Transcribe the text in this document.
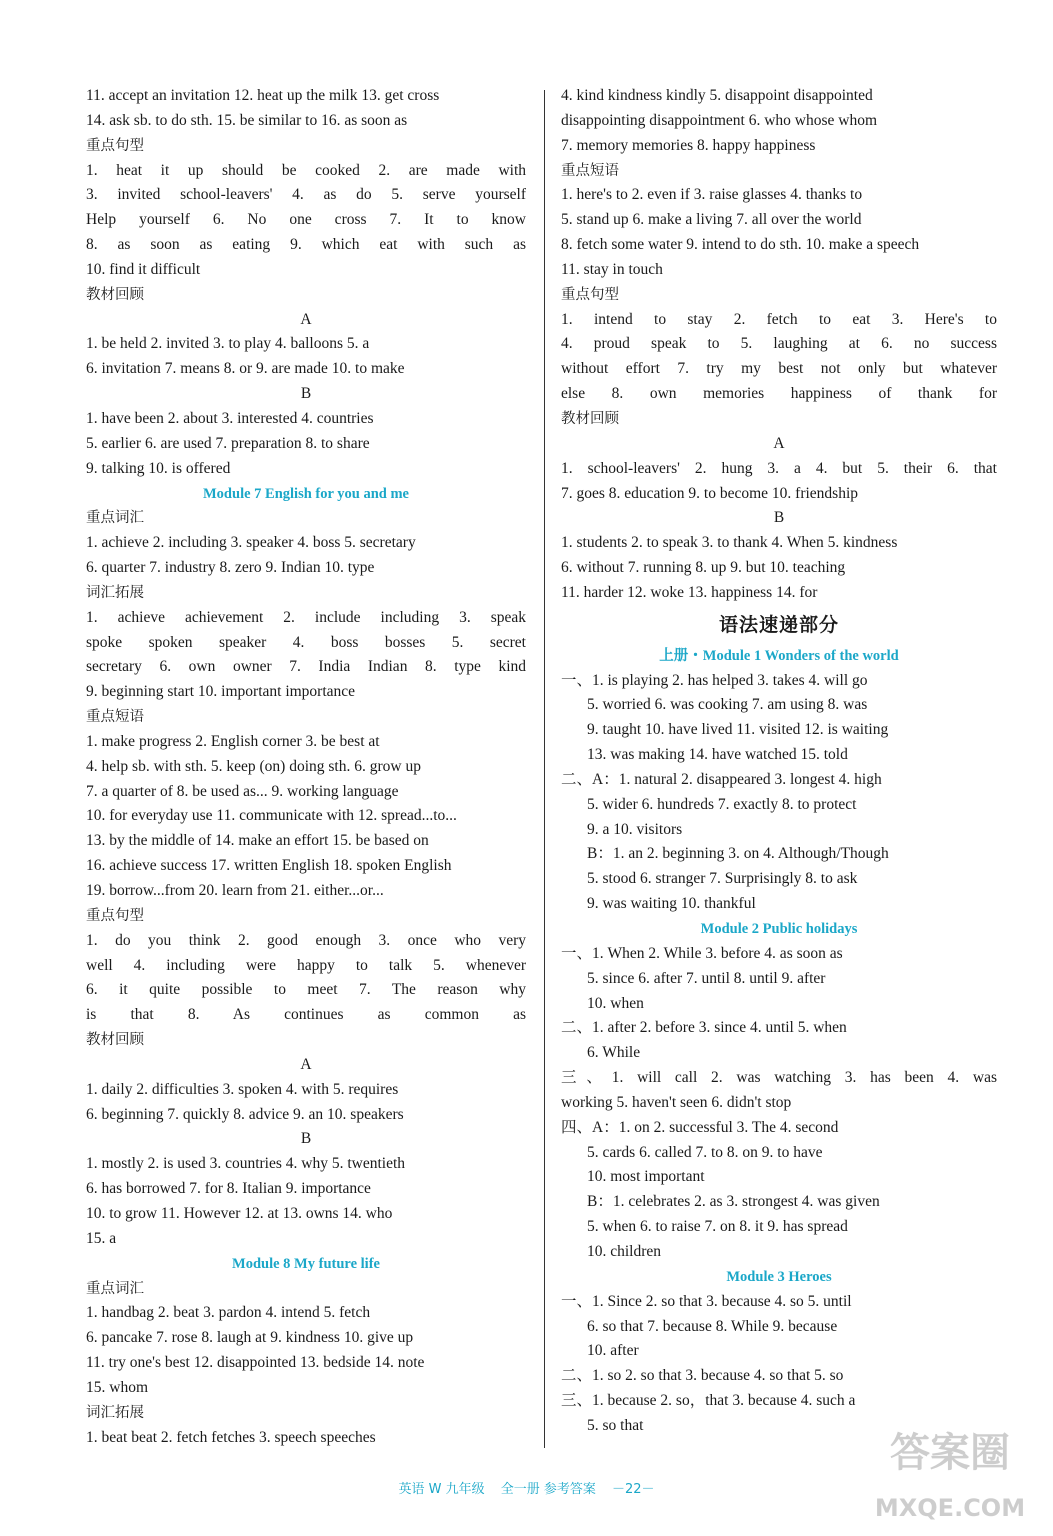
11. accept an invitation 12. heat up the milk 13. get cross
14. ask sb. to do sth. 15. be similar to 16. as soon as
重点句型
1. heat it up should be cooked 2. are made with
3. invited school-leavers' 4. as do 5. serve yourself
Help yourself 6. No one cross 7. It to know
8. as soon as eating 9. which eat with such as
10. find it difficult
教材回顾
A
1. be held 2. invited 3. to play 4. balloons 5. a
6. invitation 7. means 8. or 9. are made 10. to make
B
1. have been 2. about 3. interested 4. countries
5. earlier 6. are used 7. preparation 8. to share
9. talking 10. is offered
Module 7 English for you and me
重点词汇
1. achieve 2. including 3. speaker 4. boss 5. secretary
6. quarter 7. industry 8. zero 9. Indian 10. type
词汇拓展
1. achieve achievement 2. include including 3. speak
spoke spoken speaker 4. boss bosses 5. secret
secretary 6. own owner 7. India Indian 8. type kind
9. beginning start 10. important importance
重点短语
1. make progress 2. English corner 3. be best at
4. help sb. with sth. 5. keep (on) doing sth. 6. grow up
7. a quarter of 8. be used as... 9. working language
10. for everyday use 11. communicate with 12. spread...to...
13. by the middle of 14. make an effort 15. be based on
16. achieve success 17. written English 18. spoken English
19. borrow...from 20. learn from 21. either...or...
重点句型
1. do you think 2. good enough 3. once who very
well 4. including were happy to talk 5. whenever
6. it quite possible to meet 7. The reason why
is that 8. As continues as common as
教材回顾
A
1. daily 2. difficulties 3. spoken 4. with 5. requires
6. beginning 7. quickly 8. advice 9. an 10. speakers
B
1. mostly 2. is used 3. countries 4. why 5. twentieth
6. has borrowed 7. for 8. Italian 9. importance
10. to grow 11. However 12. at 13. owns 14. who
15. a
Module 8 My future life
重点词汇
1. handbag 2. beat 3. pardon 4. intend 5. fetch
6. pancake 7. rose 8. laugh at 9. kindness 10. give up
11. try one's best 12. disappointed 13. bedside 14. note
15. whom
词汇拓展
1. beat beat 2. fetch fetches 3. speech speeches
4. kind kindness kindly 5. disappoint disappointed
disappointing disappointment 6. who whose whom
7. memory memories 8. happy happiness
重点短语
1. here's to 2. even if 3. raise glasses 4. thanks to
5. stand up 6. make a living 7. all over the world
8. fetch some water 9. intend to do sth. 10. make a speech
11. stay in touch
重点句型
1. intend to stay 2. fetch to eat 3. Here's to
4. proud speak to 5. laughing at 6. no success
without effort 7. try my best not only but whatever
else 8. own memories happiness of thank for
教材回顾
A
1. school-leavers' 2. hung 3. a 4. but 5. their 6. that
7. goes 8. education 9. to become 10. friendship
B
1. students 2. to speak 3. to thank 4. When 5. kindness
6. without 7. running 8. up 9. but 10. teaching
11. harder 12. woke 13. happiness 14. for
语法速递部分
上册・Module 1 Wonders of the world
一、1. is playing 2. has helped 3. takes 4. will go
5. worried 6. was cooking 7. am using 8. was
9. taught 10. have lived 11. visited 12. is waiting
13. was making 14. have watched 15. told
二、A：1. natural 2. disappeared 3. longest 4. high
5. wider 6. hundreds 7. exactly 8. to protect
9. a 10. visitors
B：1. an 2. beginning 3. on 4. Although/Though
5. stood 6. stranger 7. Surprisingly 8. to ask
9. was waiting 10. thankful
Module 2 Public holidays
一、1. When 2. While 3. before 4. as soon as
5. since 6. after 7. until 8. until 9. after
10. when
二、1. after 2. before 3. since 4. until 5. when
6. While
三、1. will call 2. was watching 3. has been 4. was
working 5. haven't seen 6. didn't stop
四、A：1. on 2. successful 3. The 4. second
5. cards 6. called 7. to 8. on 9. to have
10. most important
B：1. celebrates 2. as 3. strongest 4. was given
5. when 6. to raise 7. on 8. it 9. has spread
10. children
Module 3 Heroes
一、1. Since 2. so that 3. because 4. so 5. until
6. so that 7. because 8. While 9. because
10. after
二、1. so 2. so that 3. because 4. so that 5. so
三、1. because 2. so，that 3. because 4. such a
5. so that
英语 W 九年级 全一册 参考答案 －22－
答案圈
MXQE.COM
